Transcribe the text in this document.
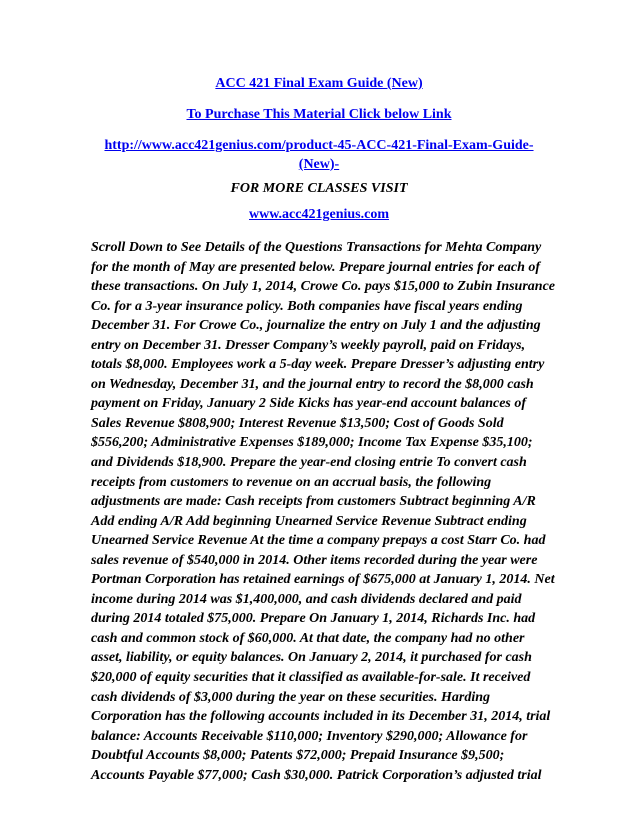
ACC 421 Final Exam Guide (New)
To Purchase This Material Click below Link
http://www.acc421genius.com/product-45-ACC-421-Final-Exam-Guide-
(New)-
FOR MORE CLASSES VISIT
www.acc421genius.com
Scroll Down to See Details of the Questions Transactions for Mehta Company
for the month of May are presented below. Prepare journal entries for each of
these transactions. On July 1, 2014, Crowe Co. pays $15,000 to Zubin Insurance
Co. for a 3-year insurance policy. Both companies have fiscal years ending
December 31. For Crowe Co., journalize the entry on July 1 and the adjusting
entry on December 31. Dresser Company’s weekly payroll, paid on Fridays,
totals $8,000. Employees work a 5-day week. Prepare Dresser’s adjusting entry
on Wednesday, December 31, and the journal entry to record the $8,000 cash
payment on Friday, January 2 Side Kicks has year-end account balances of
Sales Revenue $808,900; Interest Revenue $13,500; Cost of Goods Sold
$556,200; Administrative Expenses $189,000; Income Tax Expense $35,100;
and Dividends $18,900. Prepare the year-end closing entrie To convert cash
receipts from customers to revenue on an accrual basis, the following
adjustments are made: Cash receipts from customers Subtract beginning A/R
Add ending A/R Add beginning Unearned Service Revenue Subtract ending
Unearned Service Revenue At the time a company prepays a cost Starr Co. had
sales revenue of $540,000 in 2014. Other items recorded during the year were
Portman Corporation has retained earnings of $675,000 at January 1, 2014. Net
income during 2014 was $1,400,000, and cash dividends declared and paid
during 2014 totaled $75,000. Prepare On January 1, 2014, Richards Inc. had
cash and common stock of $60,000. At that date, the company had no other
asset, liability, or equity balances. On January 2, 2014, it purchased for cash
$20,000 of equity securities that it classified as available-for-sale. It received
cash dividends of $3,000 during the year on these securities. Harding
Corporation has the following accounts included in its December 31, 2014, trial
balance: Accounts Receivable $110,000; Inventory $290,000; Allowance for
Doubtful Accounts $8,000; Patents $72,000; Prepaid Insurance $9,500;
Accounts Payable $77,000; Cash $30,000. Patrick Corporation’s adjusted trial
